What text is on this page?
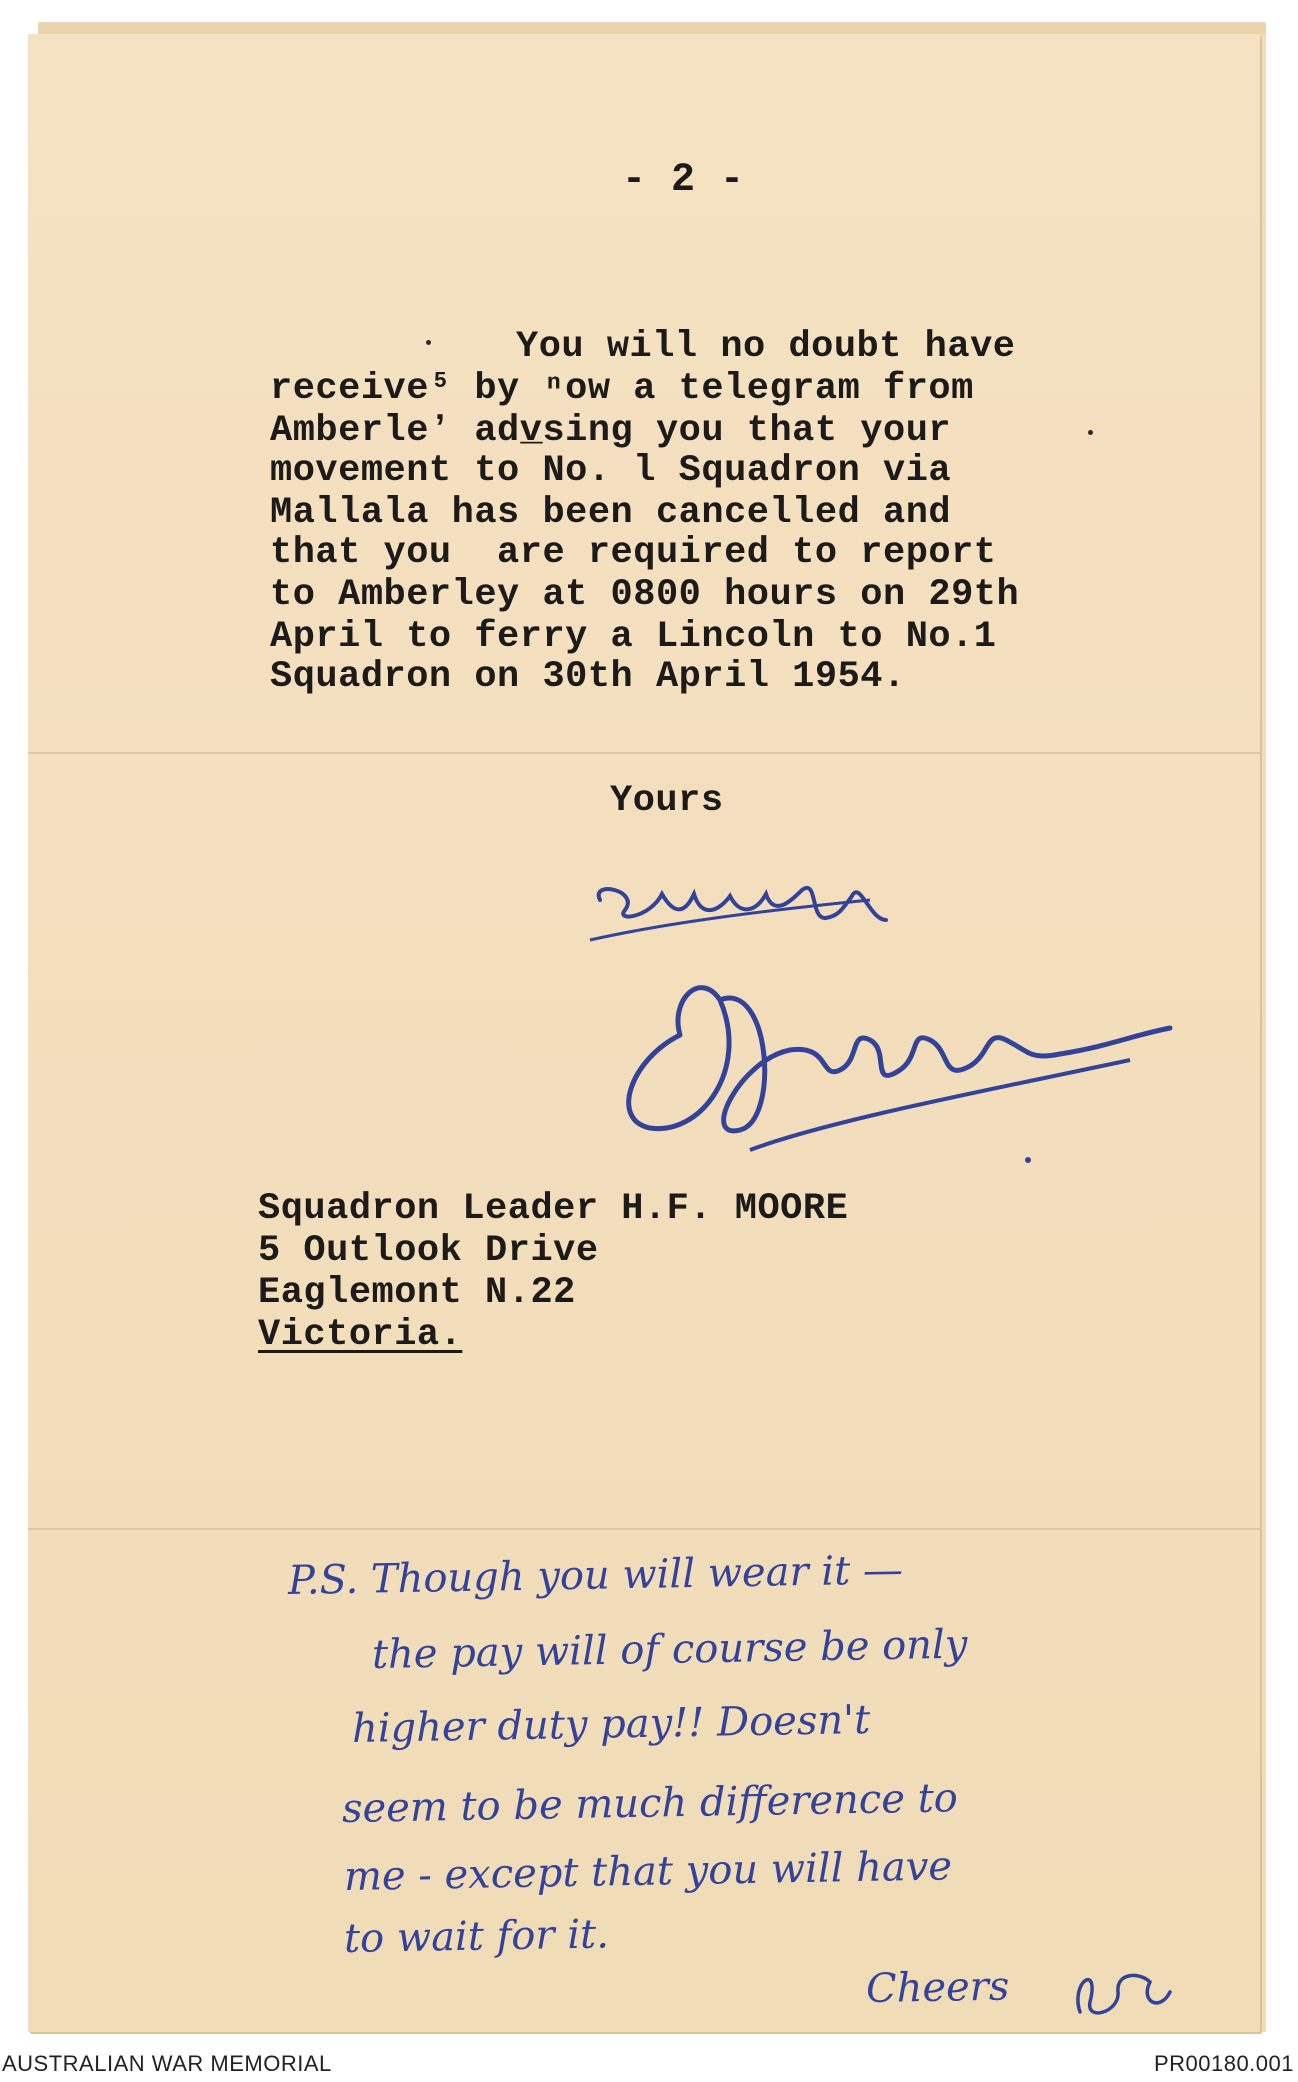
- 2 -
You will no doubt have
receive⁵ by ⁿow a telegram from
Amberleʼ adv̲sing you that your
movement to No. l Squadron via
Mallala has been cancelled and
that you  are required to report
to Amberley at 0800 hours on 29th
April to ferry a Lincoln to No.1
Squadron on 30th April 1954.
Yours
Squadron Leader H.F. MOORE
5 Outlook Drive
Eaglemont N.22
Victoria.
P.S. Though you will wear it —
the pay will of course be only
higher duty pay!! Doesn't
seem to be much difference to
me - except that you will have
to wait for it.
Cheers
AUSTRALIAN WAR MEMORIAL	PR00180.001
